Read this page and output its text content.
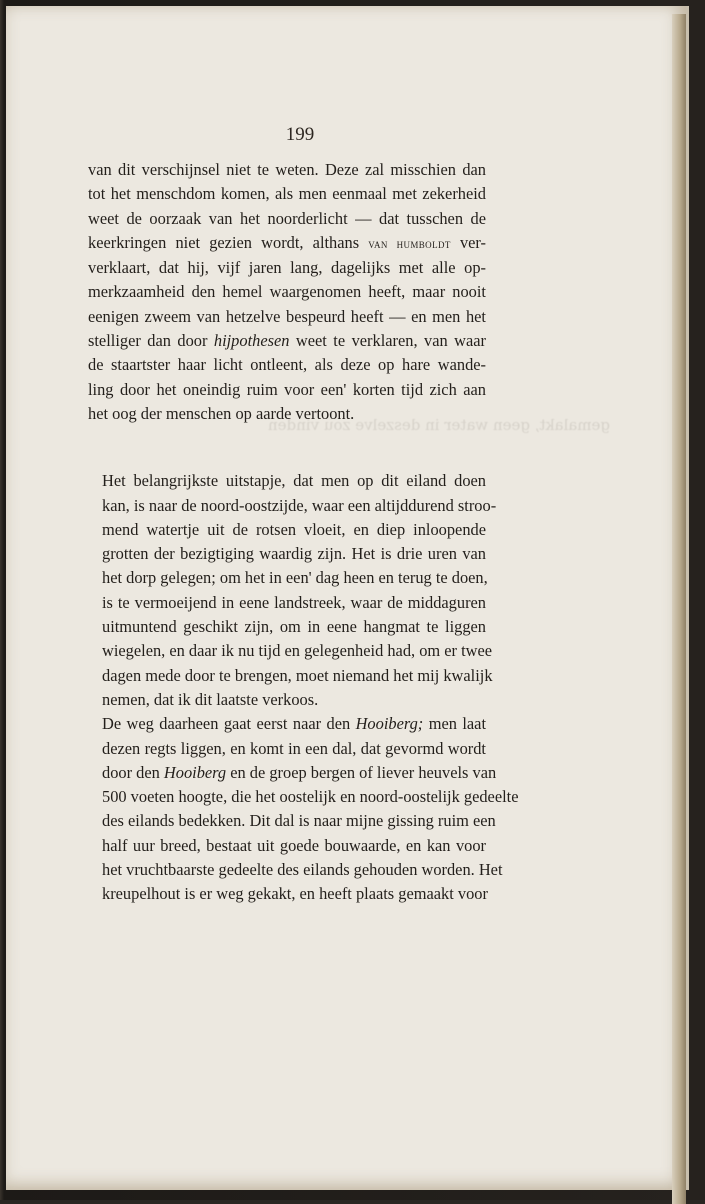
gemalakt, geen water in deszelve zou vinden
199
van dit verschijnsel niet te weten. Deze zal misschien dan
tot het menschdom komen, als men eenmaal met zekerheid
weet de oorzaak van het noorderlicht — dat tusschen de
keerkringen niet gezien wordt, althans van humboldt ver-
verklaart, dat hij, vijf jaren lang, dagelijks met alle op-
merkzaamheid den hemel waargenomen heeft, maar nooit
eenigen zweem van hetzelve bespeurd heeft — en men het
stelliger dan door hijpothesen weet te verklaren, van waar
de staartster haar licht ontleent, als deze op hare wande-
ling door het oneindig ruim voor een' korten tijd zich aan
het oog der menschen op aarde vertoont.
Het belangrijkste uitstapje, dat men op dit eiland doen
kan, is naar de noord-oostzijde, waar een altijddurend stroo-
mend watertje uit de rotsen vloeit, en diep inloopende
grotten der bezigtiging waardig zijn. Het is drie uren van
het dorp gelegen; om het in een' dag heen en terug te doen,
is te vermoeijend in eene landstreek, waar de middaguren
uitmuntend geschikt zijn, om in eene hangmat te liggen
wiegelen, en daar ik nu tijd en gelegenheid had, om er twee
dagen mede door te brengen, moet niemand het mij kwalijk
nemen, dat ik dit laatste verkoos.
De weg daarheen gaat eerst naar den Hooiberg; men laat
dezen regts liggen, en komt in een dal, dat gevormd wordt
door den Hooiberg en de groep bergen of liever heuvels van
500 voeten hoogte, die het oostelijk en noord-oostelijk gedeelte
des eilands bedekken. Dit dal is naar mijne gissing ruim een
half uur breed, bestaat uit goede bouwaarde, en kan voor
het vruchtbaarste gedeelte des eilands gehouden worden. Het
kreupelhout is er weg gekakt, en heeft plaats gemaakt voor
